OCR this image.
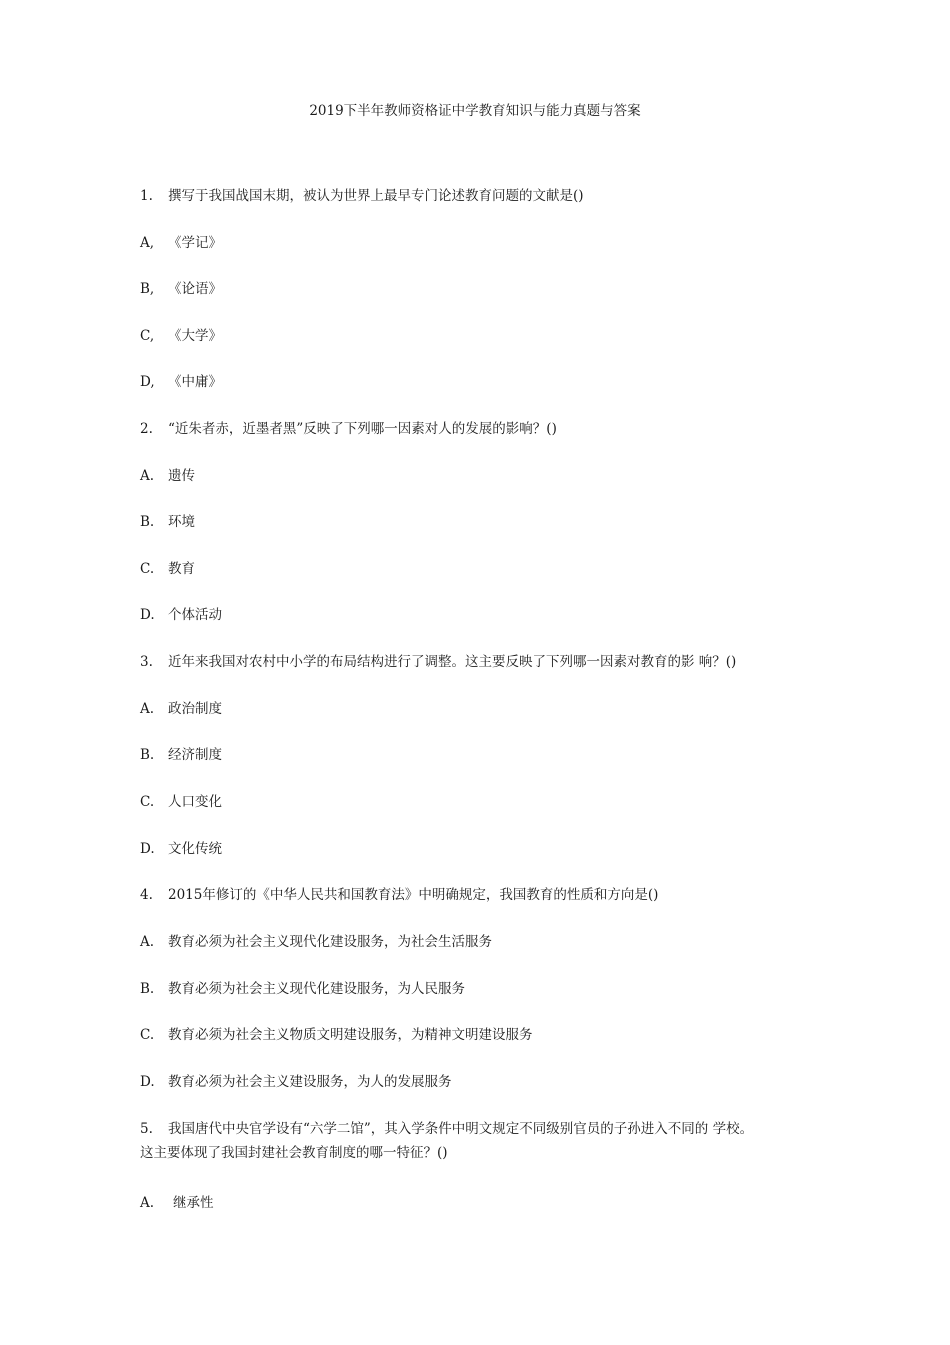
2019下半年教师资格证中学教育知识与能力真题与答案
1. 撰写于我国战国末期，被认为世界上最早专门论述教育问题的文献是()
A, 《学记》
B, 《论语》
C, 《大学》
D, 《中庸》
2. “近朱者赤，近墨者黑”反映了下列哪一因素对人的发展的影响？()
A. 遗传
B. 环境
C. 教育
D. 个体活动
3. 近年来我国对农村中小学的布局结构进行了调整。这主要反映了下列哪一因素对教育的影 响？()
A. 政治制度
B. 经济制度
C. 人口变化
D. 文化传统
4. 2015年修订的《中华人民共和国教育法》中明确规定，我国教育的性质和方向是()
A. 教育必须为社会主义现代化建设服务，为社会生活服务
B. 教育必须为社会主义现代化建设服务，为人民服务
C. 教育必须为社会主义物质文明建设服务，为精神文明建设服务
D. 教育必须为社会主义建设服务，为人的发展服务
5. 我国唐代中央官学设有“六学二馆”，其入学条件中明文规定不同级别官员的子孙进入不同的 学校。
这主要体现了我国封建社会教育制度的哪一特征？()
A. 继承性
